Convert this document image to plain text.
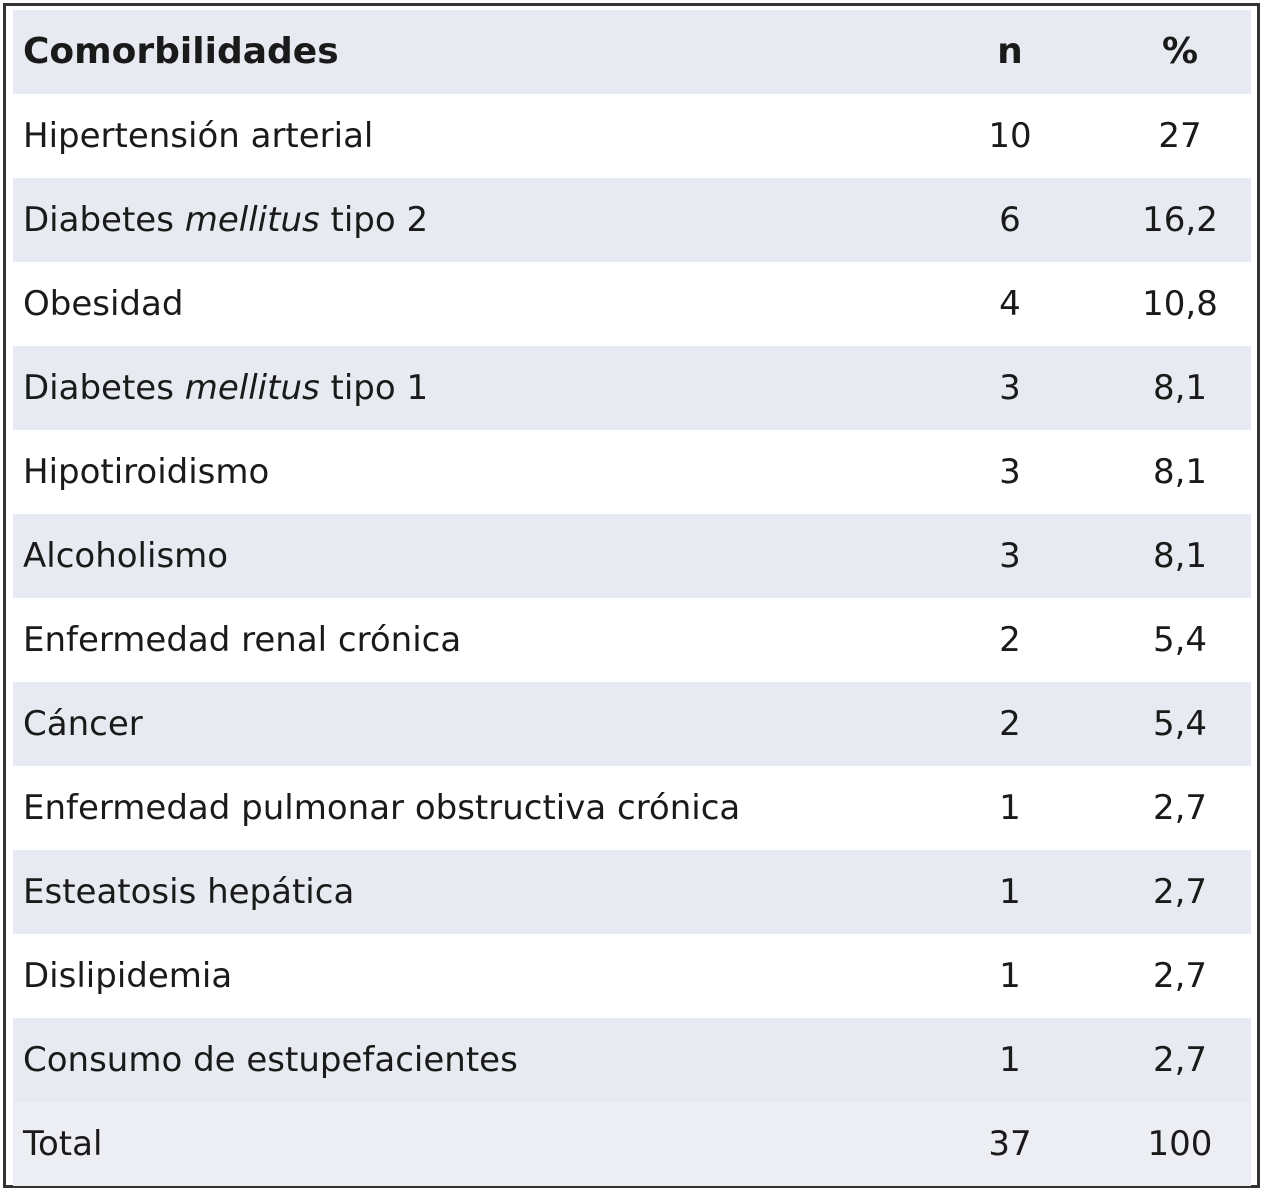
Comorbilidades	n	%
Hipertensión arterial	10	27
Diabetes mellitus tipo 2	6	16,2
Obesidad	4	10,8
Diabetes mellitus tipo 1	3	8,1
Hipotiroidismo	3	8,1
Alcoholismo	3	8,1
Enfermedad renal crónica	2	5,4
Cáncer	2	5,4
Enfermedad pulmonar obstructiva crónica	1	2,7
Esteatosis hepática	1	2,7
Dislipidemia	1	2,7
Consumo de estupefacientes	1	2,7
Total	37	100
